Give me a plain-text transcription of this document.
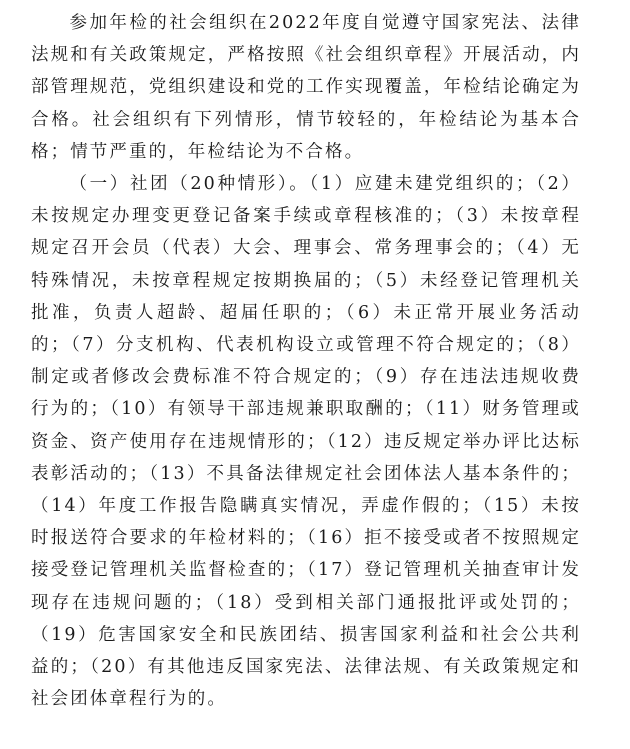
参加年检的社会组织在2022年度自觉遵守国家宪法、法律法规和有关政策规定，严格按照《社会组织章程》开展活动，内部管理规范，党组织建设和党的工作实现覆盖，年检结论确定为合格。社会组织有下列情形，情节较轻的，年检结论为基本合格；情节严重的，年检结论为不合格。

（一）社团（20种情形）。（1）应建未建党组织的；（2）未按规定办理变更登记备案手续或章程核准的；（3）未按章程规定召开会员（代表）大会、理事会、常务理事会的；（4）无特殊情况，未按章程规定按期换届的；（5）未经登记管理机关批准，负责人超龄、超届任职的；（6）未正常开展业务活动的；（7）分支机构、代表机构设立或管理不符合规定的；（8）制定或者修改会费标准不符合规定的；（9）存在违法违规收费行为的；（10）有领导干部违规兼职取酬的；（11）财务管理或资金、资产使用存在违规情形的；（12）违反规定举办评比达标表彰活动的；（13）不具备法律规定社会团体法人基本条件的；（14）年度工作报告隐瞒真实情况，弄虚作假的；（15）未按时报送符合要求的年检材料的；（16）拒不接受或者不按照规定接受登记管理机关监督检查的；（17）登记管理机关抽查审计发现存在违规问题的；（18）受到相关部门通报批评或处罚的；（19）危害国家安全和民族团结、损害国家利益和社会公共利益的；（20）有其他违反国家宪法、法律法规、有关政策规定和社会团体章程行为的。
